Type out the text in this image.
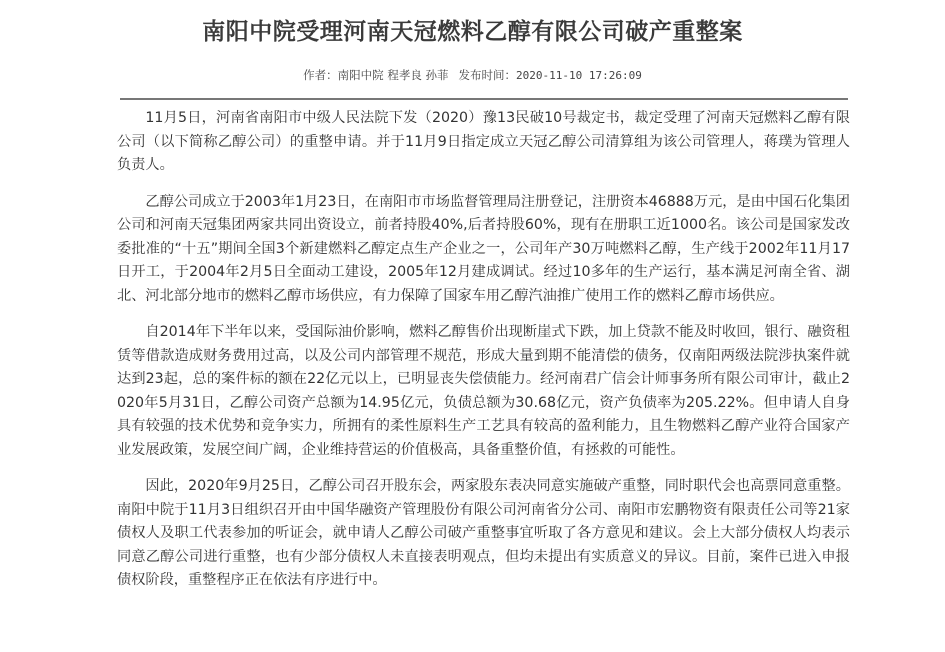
南阳中院受理河南天冠燃料乙醇有限公司破产重整案
作者：南阳中院 程孝良 孙菲 发布时间：2020-11-10 17:26:09

11月5日，河南省南阳市中级人民法院下发（2020）豫13民破10号裁定书，裁定受理了河南天冠燃料乙醇有限公司（以下简称乙醇公司）的重整申请。并于11月9日指定成立天冠乙醇公司清算组为该公司管理人，蒋璞为管理人负责人。

乙醇公司成立于2003年1月23日，在南阳市市场监督管理局注册登记，注册资本46888万元，是由中国石化集团公司和河南天冠集团两家共同出资设立，前者持股40%,后者持股60%，现有在册职工近1000名。该公司是国家发改委批准的“十五”期间全国3个新建燃料乙醇定点生产企业之一，公司年产30万吨燃料乙醇，生产线于2002年11月17日开工，于2004年2月5日全面动工建设，2005年12月建成调试。经过10多年的生产运行，基本满足河南全省、湖北、河北部分地市的燃料乙醇市场供应，有力保障了国家车用乙醇汽油推广使用工作的燃料乙醇市场供应。

自2014年下半年以来，受国际油价影响，燃料乙醇售价出现断崖式下跌，加上贷款不能及时收回，银行、融资租赁等借款造成财务费用过高，以及公司内部管理不规范，形成大量到期不能清偿的债务，仅南阳两级法院涉执案件就达到23起，总的案件标的额在22亿元以上，已明显丧失偿债能力。经河南君广信会计师事务所有限公司审计，截止2020年5月31日，乙醇公司资产总额为14.95亿元，负债总额为30.68亿元，资产负债率为205.22%。但申请人自身具有较强的技术优势和竞争实力，所拥有的柔性原料生产工艺具有较高的盈利能力，且生物燃料乙醇产业符合国家产业发展政策，发展空间广阔，企业维持营运的价值极高，具备重整价值，有拯救的可能性。

因此，2020年9月25日，乙醇公司召开股东会，两家股东表决同意实施破产重整，同时职代会也高票同意重整。南阳中院于11月3日组织召开由中国华融资产管理股份有限公司河南省分公司、南阳市宏鹏物资有限责任公司等21家债权人及职工代表参加的听证会，就申请人乙醇公司破产重整事宜听取了各方意见和建议。会上大部分债权人均表示同意乙醇公司进行重整，也有少部分债权人未直接表明观点，但均未提出有实质意义的异议。目前，案件已进入申报债权阶段，重整程序正在依法有序进行中。
